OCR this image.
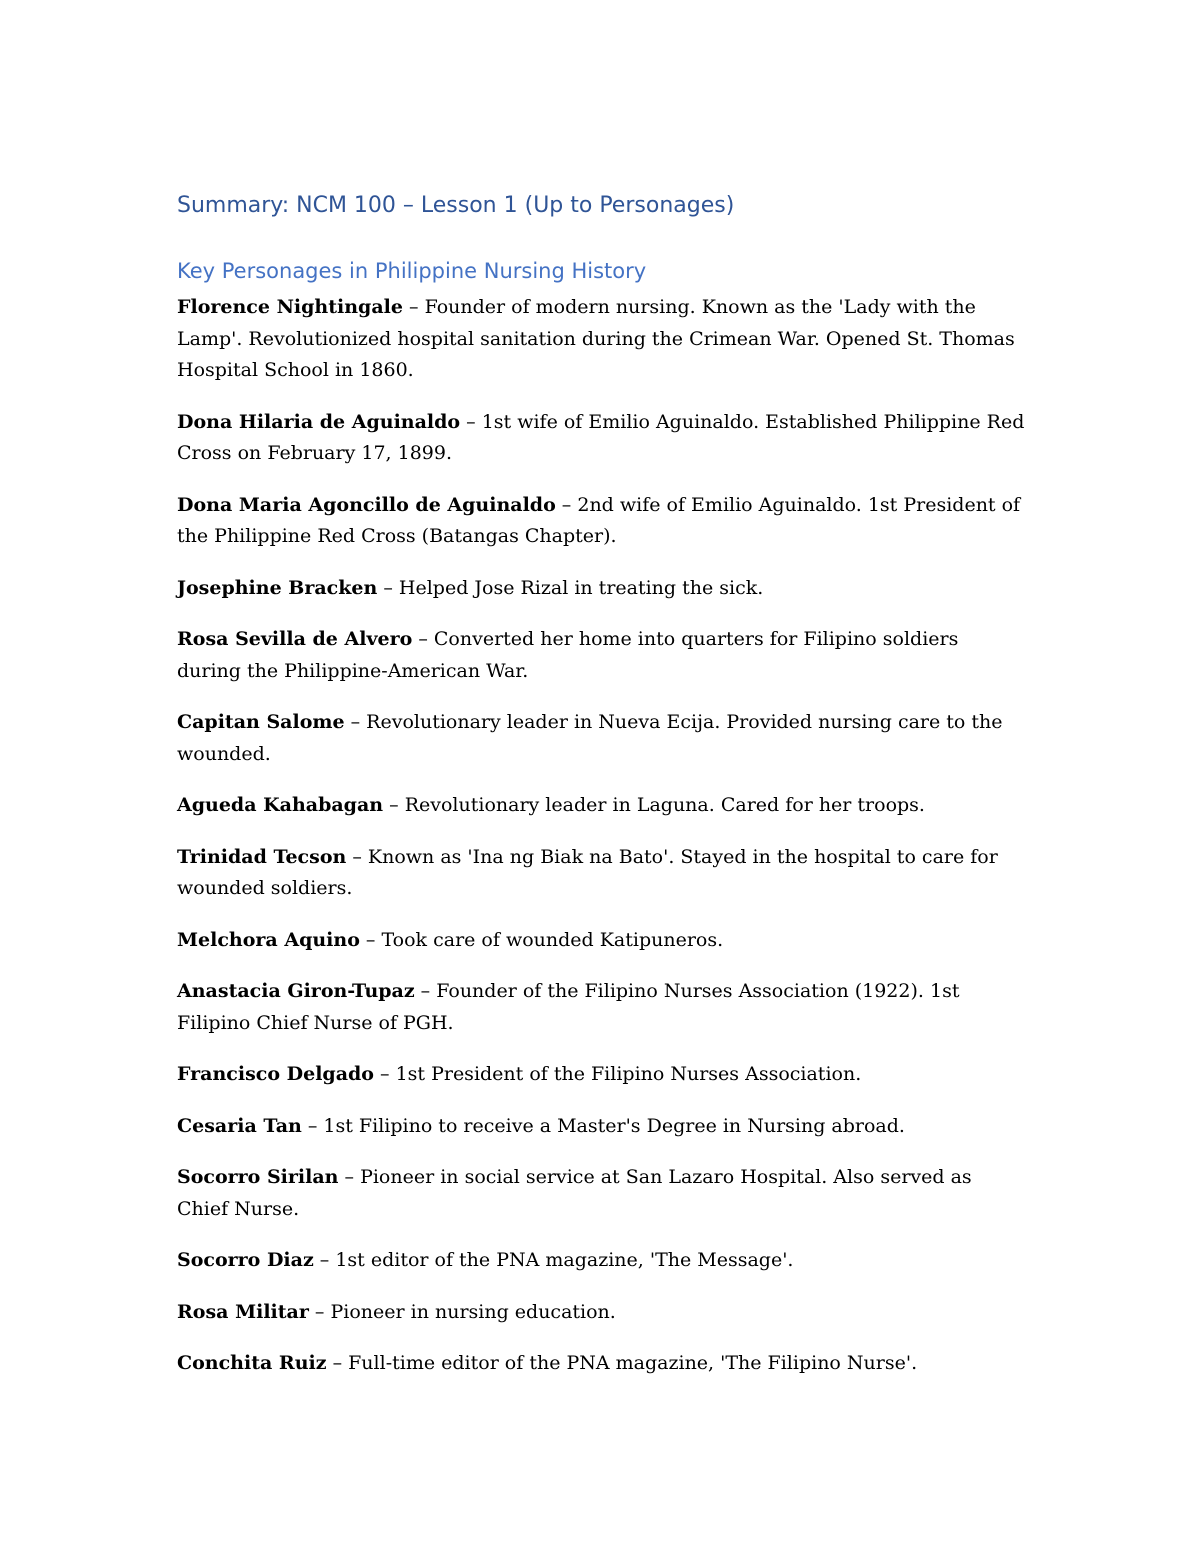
Summary: NCM 100 – Lesson 1 (Up to Personages)
Key Personages in Philippine Nursing History

Florence Nightingale – Founder of modern nursing. Known as the 'Lady with the Lamp'. Revolutionized hospital sanitation during the Crimean War. Opened St. Thomas Hospital School in 1860.

Dona Hilaria de Aguinaldo – 1st wife of Emilio Aguinaldo. Established Philippine Red Cross on February 17, 1899.

Dona Maria Agoncillo de Aguinaldo – 2nd wife of Emilio Aguinaldo. 1st President of the Philippine Red Cross (Batangas Chapter).

Josephine Bracken – Helped Jose Rizal in treating the sick.

Rosa Sevilla de Alvero – Converted her home into quarters for Filipino soldiers during the Philippine-American War.

Capitan Salome – Revolutionary leader in Nueva Ecija. Provided nursing care to the wounded.

Agueda Kahabagan – Revolutionary leader in Laguna. Cared for her troops.

Trinidad Tecson – Known as 'Ina ng Biak na Bato'. Stayed in the hospital to care for wounded soldiers.

Melchora Aquino – Took care of wounded Katipuneros.

Anastacia Giron-Tupaz – Founder of the Filipino Nurses Association (1922). 1st Filipino Chief Nurse of PGH.

Francisco Delgado – 1st President of the Filipino Nurses Association.

Cesaria Tan – 1st Filipino to receive a Master's Degree in Nursing abroad.

Socorro Sirilan – Pioneer in social service at San Lazaro Hospital. Also served as Chief Nurse.

Socorro Diaz – 1st editor of the PNA magazine, 'The Message'.

Rosa Militar – Pioneer in nursing education.

Conchita Ruiz – Full-time editor of the PNA magazine, 'The Filipino Nurse'.
